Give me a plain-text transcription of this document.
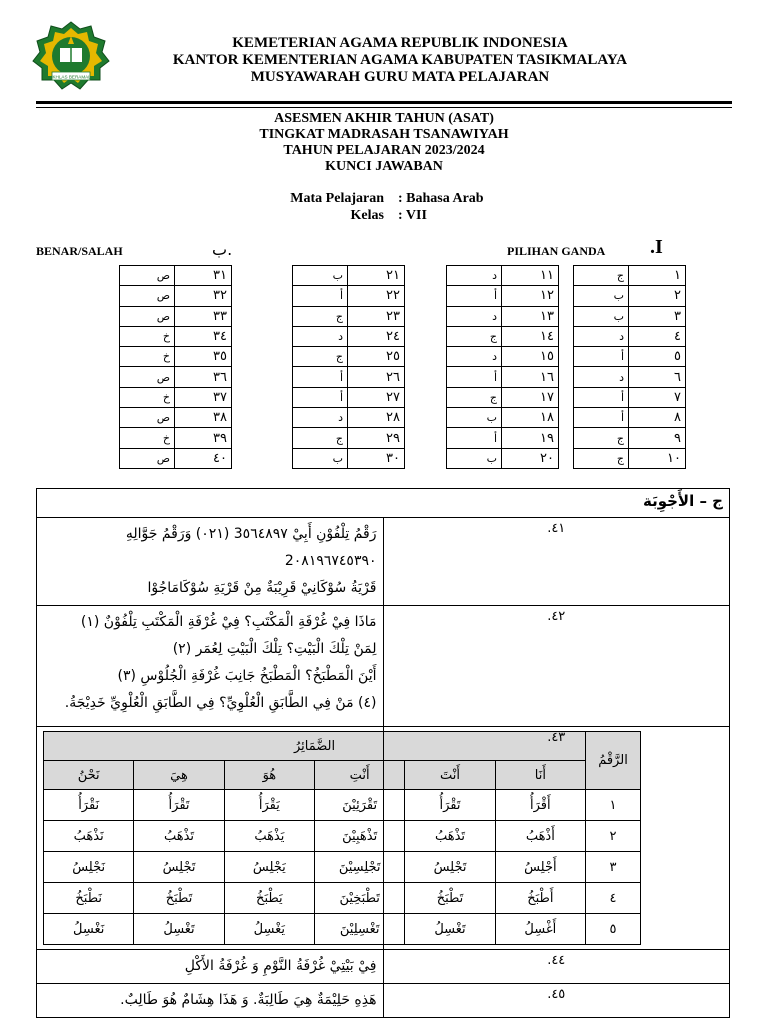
IKHLAS BERAMAL
KEMETERIAN AGAMA REPUBLIK INDONESIA
KANTOR KEMENTERIAN AGAMA KABUPATEN TASIKMALAYA
MUSYAWARAH GURU MATA PELAJARAN
ASESMEN AKHIR TAHUN (ASAT)
TINGKAT MADRASAH TSANAWIYAH
TAHUN PELAJARAN 2023/2024
KUNCI JAWABAN
Mata Pelajaran : Bahasa Arab
Kelas : VII
BENAR/SALAH	ب.	PILIHAN GANDA .I
ص	٣١
ص	٣٢
ص	٣٣
خ	٣٤
خ	٣٥
ص	٣٦
خ	٣٧
ص	٣٨
خ	٣٩
ص	٤٠
ب	٢١
أ	٢٢
ج	٢٣
د	٢٤
ج	٢٥
أ	٢٦
أ	٢٧
د	٢٨
ج	٢٩
ب	٣٠
د	١١
أ	١٢
د	١٣
ج	١٤
د	١٥
أ	١٦
ج	١٧
ب	١٨
أ	١٩
ب	٢٠
ج	١
ب	٢
ب	٣
د	٤
أ	٥
د	٦
أ	٧
أ	٨
ج	٩
ج	١٠
ج – الأَجْوِبَة

رَقْمُ تِلْفُوْنِ أَبِيْ 3٥٦٤٨٩٧ (٠٢١) وَرَقْمُ جَوَّالِهِ 2٠٨١٩٦٧٤٥٣٩٠
قَرْيَةُ سُوْكَانِيْ قَرِيْبَةٌ مِنْ قَرْيَةِ سُوْكَامَاجُوْا
	.٤١

مَاذَا فِيْ غُرْفَةِ الْمَكْتَبِ؟ فِيْ غُرْفَةِ الْمَكْتَبِ تِلْفُوْنٌ (١)
لِمَنْ تِلْكَ الْبَيْتِ؟ تِلْكَ الْبَيْتِ لِعُمَر (٢)
أَيْنَ الْمَطْبَخُ؟ الْمَطْبَخُ جَانِبَ غُرْفَةِ الْجُلُوْسِ (٣)
(٤) مَنْ فِي الطَّابَقِ الْعُلْوِيِّ؟ فِي الطَّابَقِ الْعُلْوِيِّ خَدِيْجَةُ.
	.٤٢

الرَّقْمُ	الضَّمَائِرُ
أَنَا	أَنْتَ	أَنْتِ	هُوَ	هِيَ	نَحْنُ
١	أَقْرَأُ	تَقْرَأُ	تَقْرَئِيْنَ	يَقْرَأُ	تَقْرَأُ	نَقْرَأُ
٢	أَذْهَبُ	تَذْهَبُ	تَذْهَبِيْنَ	يَذْهَبُ	تَذْهَبُ	نَذْهَبُ
٣	أَجْلِسُ	تَجْلِسُ	تَجْلِسِيْنَ	يَجْلِسُ	تَجْلِسُ	نَجْلِسُ
٤	أَطْبَخُ	تَطْبَخُ	تَطْبَخِيْنَ	يَطْبَخُ	تَطْبَخُ	نَطْبَخُ
٥	أَغْسِلُ	تَغْسِلُ	تَغْسِلِيْنَ	يَغْسِلُ	تَغْسِلُ	نَغْسِلُ
	.٤٣

فِيْ بَيْتِيْ غُرْفَةُ النَّوْمِ وَ غُرْفَةُ الأَكْلِ	.٤٤

هَذِهِ حَلِيْمَةٌ هِيَ طَالِبَةٌ. وَ هَذَا هِشَامٌ هُوَ طَالِبٌ.	.٤٥
